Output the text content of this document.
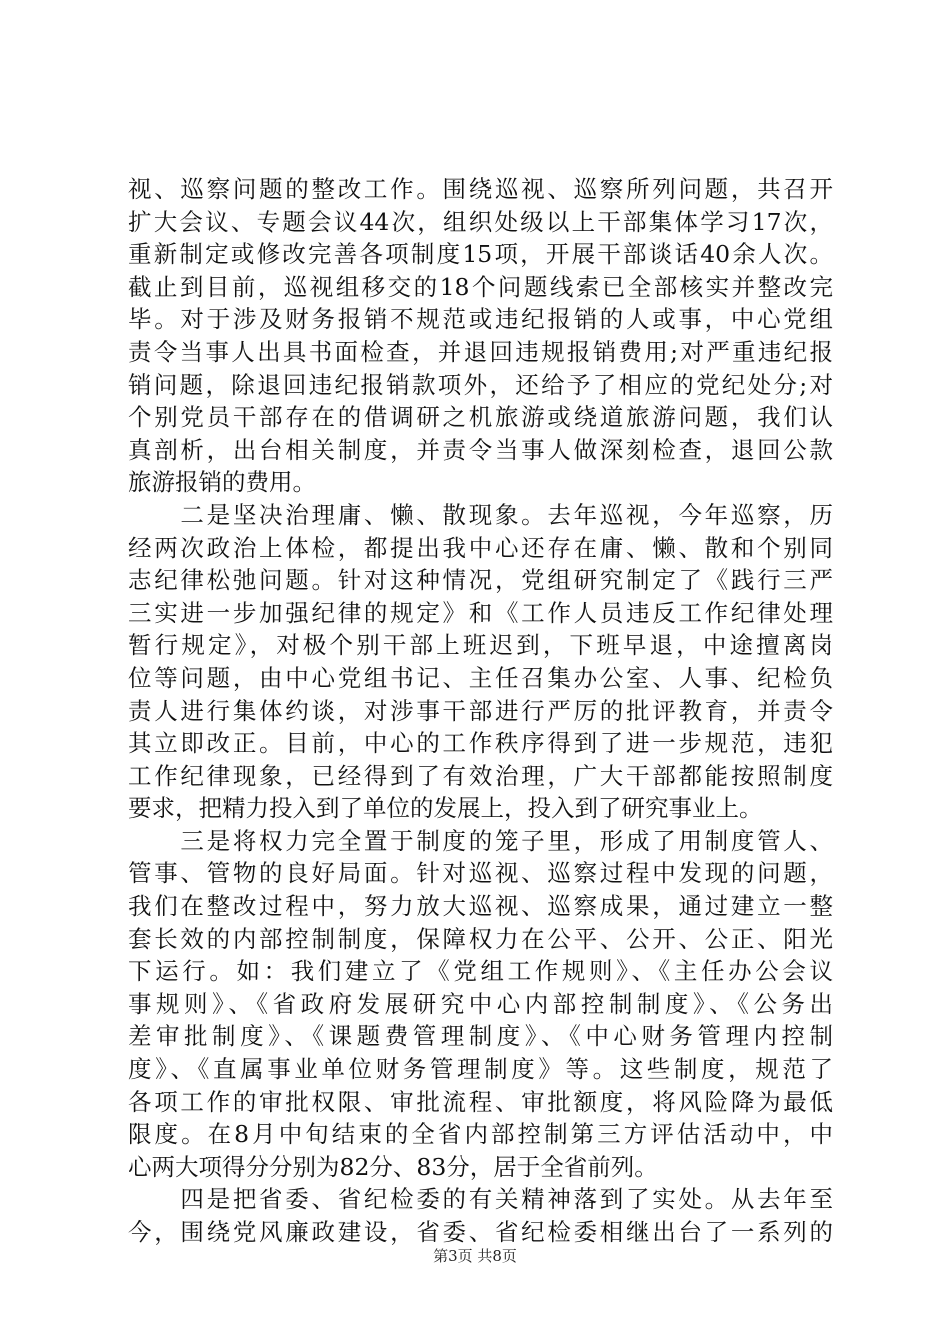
视、巡察问题的整改工作。围绕巡视、巡察所列问题，共召开
扩大会议、专题会议44次，组织处级以上干部集体学习17次，
重新制定或修改完善各项制度15项，开展干部谈话40余人次。
截止到目前，巡视组移交的18个问题线索已全部核实并整改完
毕。对于涉及财务报销不规范或违纪报销的人或事，中心党组
责令当事人出具书面检查，并退回违规报销费用;对严重违纪报
销问题，除退回违纪报销款项外，还给予了相应的党纪处分;对
个别党员干部存在的借调研之机旅游或绕道旅游问题，我们认
真剖析，出台相关制度，并责令当事人做深刻检查，退回公款
旅游报销的费用。
　　二是坚决治理庸、懒、散现象。去年巡视，今年巡察，历
经两次政治上体检，都提出我中心还存在庸、懒、散和个别同
志纪律松弛问题。针对这种情况，党组研究制定了《践行三严
三实进一步加强纪律的规定》和《工作人员违反工作纪律处理
暂行规定》，对极个别干部上班迟到，下班早退，中途擅离岗
位等问题，由中心党组书记、主任召集办公室、人事、纪检负
责人进行集体约谈，对涉事干部进行严厉的批评教育，并责令
其立即改正。目前，中心的工作秩序得到了进一步规范，违犯
工作纪律现象，已经得到了有效治理，广大干部都能按照制度
要求，把精力投入到了单位的发展上，投入到了研究事业上。
　　三是将权力完全置于制度的笼子里，形成了用制度管人、
管事、管物的良好局面。针对巡视、巡察过程中发现的问题，
我们在整改过程中，努力放大巡视、巡察成果，通过建立一整
套长效的内部控制制度，保障权力在公平、公开、公正、阳光
下运行。如：我们建立了《党组工作规则》、《主任办公会议
事规则》、《省政府发展研究中心内部控制制度》、《公务出
差审批制度》、《课题费管理制度》、《中心财务管理内控制
度》、《直属事业单位财务管理制度》等。这些制度，规范了
各项工作的审批权限、审批流程、审批额度，将风险降为最低
限度。在8月中旬结束的全省内部控制第三方评估活动中，中
心两大项得分分别为82分、83分，居于全省前列。
　　四是把省委、省纪检委的有关精神落到了实处。从去年至
今，围绕党风廉政建设，省委、省纪检委相继出台了一系列的
第3页 共8页
